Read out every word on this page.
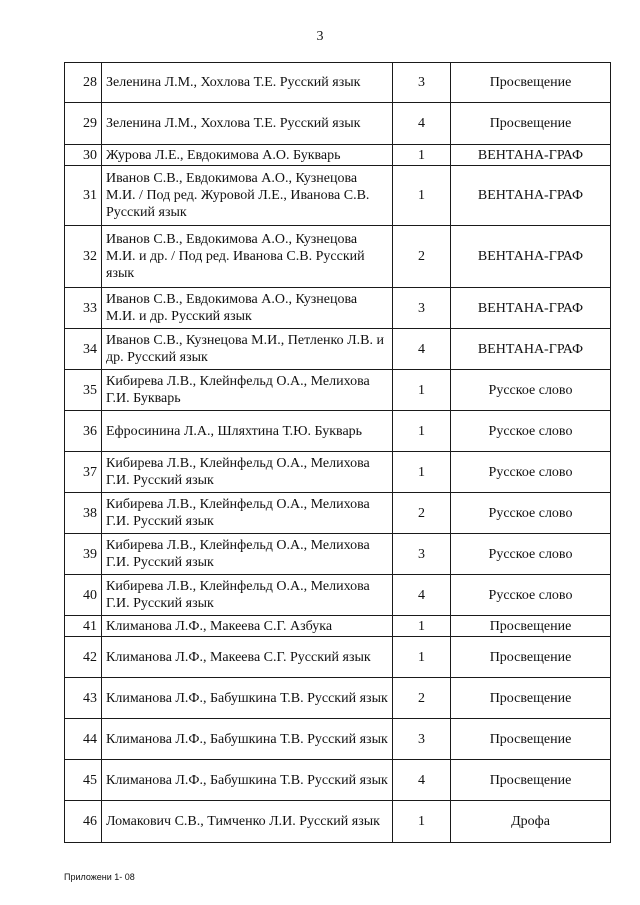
3
28	Зеленина Л.М., Хохлова Т.Е. Русский язык	3	Просвещение
29	Зеленина Л.М., Хохлова Т.Е. Русский язык	4	Просвещение
30	Журова Л.Е., Евдокимова А.О. Букварь	1	ВЕНТАНА-ГРАФ
31	Иванов С.В., Евдокимова А.О., Кузнецова М.И. / Под ред. Журовой Л.Е., Иванова С.В. Русский язык	1	ВЕНТАНА-ГРАФ
32	Иванов С.В., Евдокимова А.О., Кузнецова М.И. и др. / Под ред. Иванова С.В. Русский язык	2	ВЕНТАНА-ГРАФ
33	Иванов С.В., Евдокимова А.О., Кузнецова М.И. и др. Русский язык	3	ВЕНТАНА-ГРАФ
34	Иванов С.В., Кузнецова М.И., Петленко Л.В. и др. Русский язык	4	ВЕНТАНА-ГРАФ
35	Кибирева Л.В., Клейнфельд О.А., Мелихова Г.И. Букварь	1	Русское слово
36	Ефросинина Л.А., Шляхтина Т.Ю. Букварь	1	Русское слово
37	Кибирева Л.В., Клейнфельд О.А., Мелихова Г.И. Русский язык	1	Русское слово
38	Кибирева Л.В., Клейнфельд О.А., Мелихова Г.И. Русский язык	2	Русское слово
39	Кибирева Л.В., Клейнфельд О.А., Мелихова Г.И. Русский язык	3	Русское слово
40	Кибирева Л.В., Клейнфельд О.А., Мелихова Г.И. Русский язык	4	Русское слово
41	Климанова Л.Ф., Макеева С.Г. Азбука	1	Просвещение
42	Климанова Л.Ф., Макеева С.Г. Русский язык	1	Просвещение
43	Климанова Л.Ф., Бабушкина Т.В. Русский язык	2	Просвещение
44	Климанова Л.Ф., Бабушкина Т.В. Русский язык	3	Просвещение
45	Климанова Л.Ф., Бабушкина Т.В. Русский язык	4	Просвещение
46	Ломакович С.В., Тимченко Л.И. Русский язык	1	Дрофа
Приложени 1- 08
